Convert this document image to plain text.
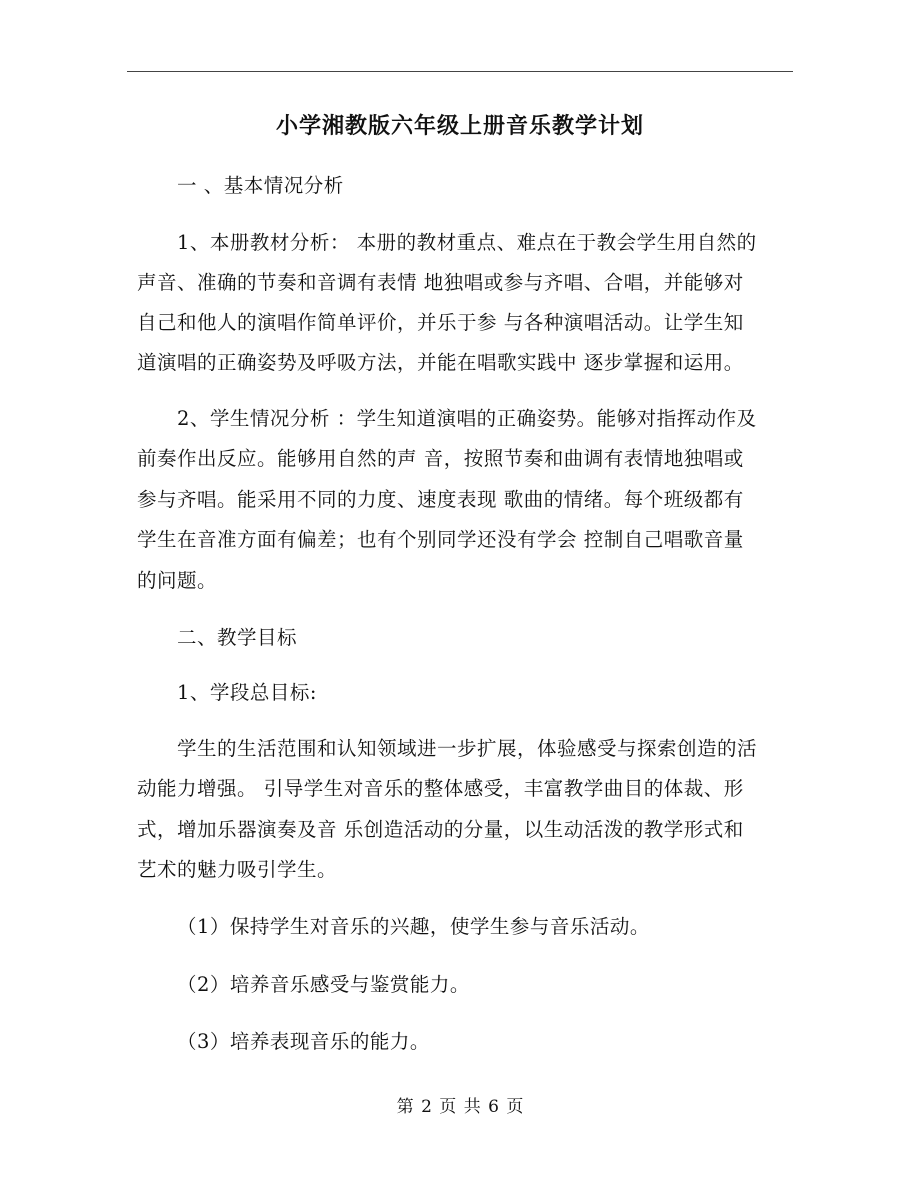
小学湘教版六年级上册音乐教学计划
一 、基本情况分析
1、本册教材分析： 本册的教材重点、难点在于教会学生用自然的
声音、准确的节奏和音调有表情 地独唱或参与齐唱、合唱，并能够对
自己和他人的演唱作简单评价，并乐于参 与各种演唱活动。让学生知
道演唱的正确姿势及呼吸方法，并能在唱歌实践中 逐步掌握和运用。
2、学生情况分析 ：学生知道演唱的正确姿势。能够对指挥动作及
前奏作出反应。能够用自然的声 音，按照节奏和曲调有表情地独唱或
参与齐唱。能采用不同的力度、速度表现 歌曲的情绪。每个班级都有
学生在音准方面有偏差；也有个别同学还没有学会 控制自己唱歌音量
的问题。
二、教学目标
1、学段总目标:
学生的生活范围和认知领域进一步扩展，体验感受与探索创造的活
动能力增强。 引导学生对音乐的整体感受，丰富教学曲目的体裁、形
式，增加乐器演奏及音 乐创造活动的分量，以生动活泼的教学形式和
艺术的魅力吸引学生。
（1）保持学生对音乐的兴趣，使学生参与音乐活动。
（2）培养音乐感受与鉴赏能力。
（3）培养表现音乐的能力。
第 2 页 共 6 页
